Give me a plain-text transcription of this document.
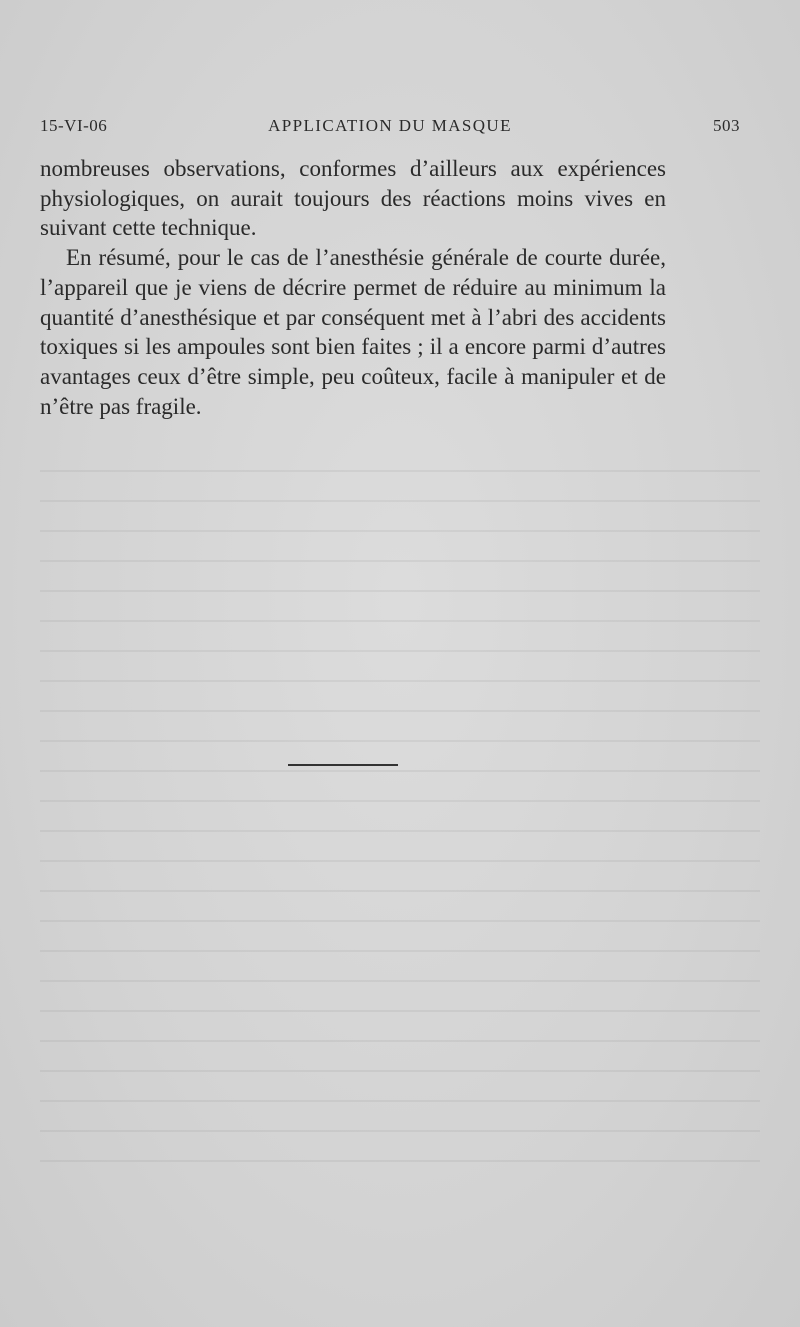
15-VI-06	APPLICATION DU MASQUE	503

nombreuses observations, conformes d’ailleurs aux expériences physiologiques, on aurait toujours des réactions moins vives en suivant cette technique.

En résumé, pour le cas de l’anesthésie générale de courte durée, l’appareil que je viens de décrire permet de réduire au minimum la quantité d’anesthésique et par conséquent met à l’abri des accidents toxiques si les ampoules sont bien faites ; il a encore parmi d’autres avantages ceux d’être simple, peu coûteux, facile à manipuler et de n’être pas fragile.
